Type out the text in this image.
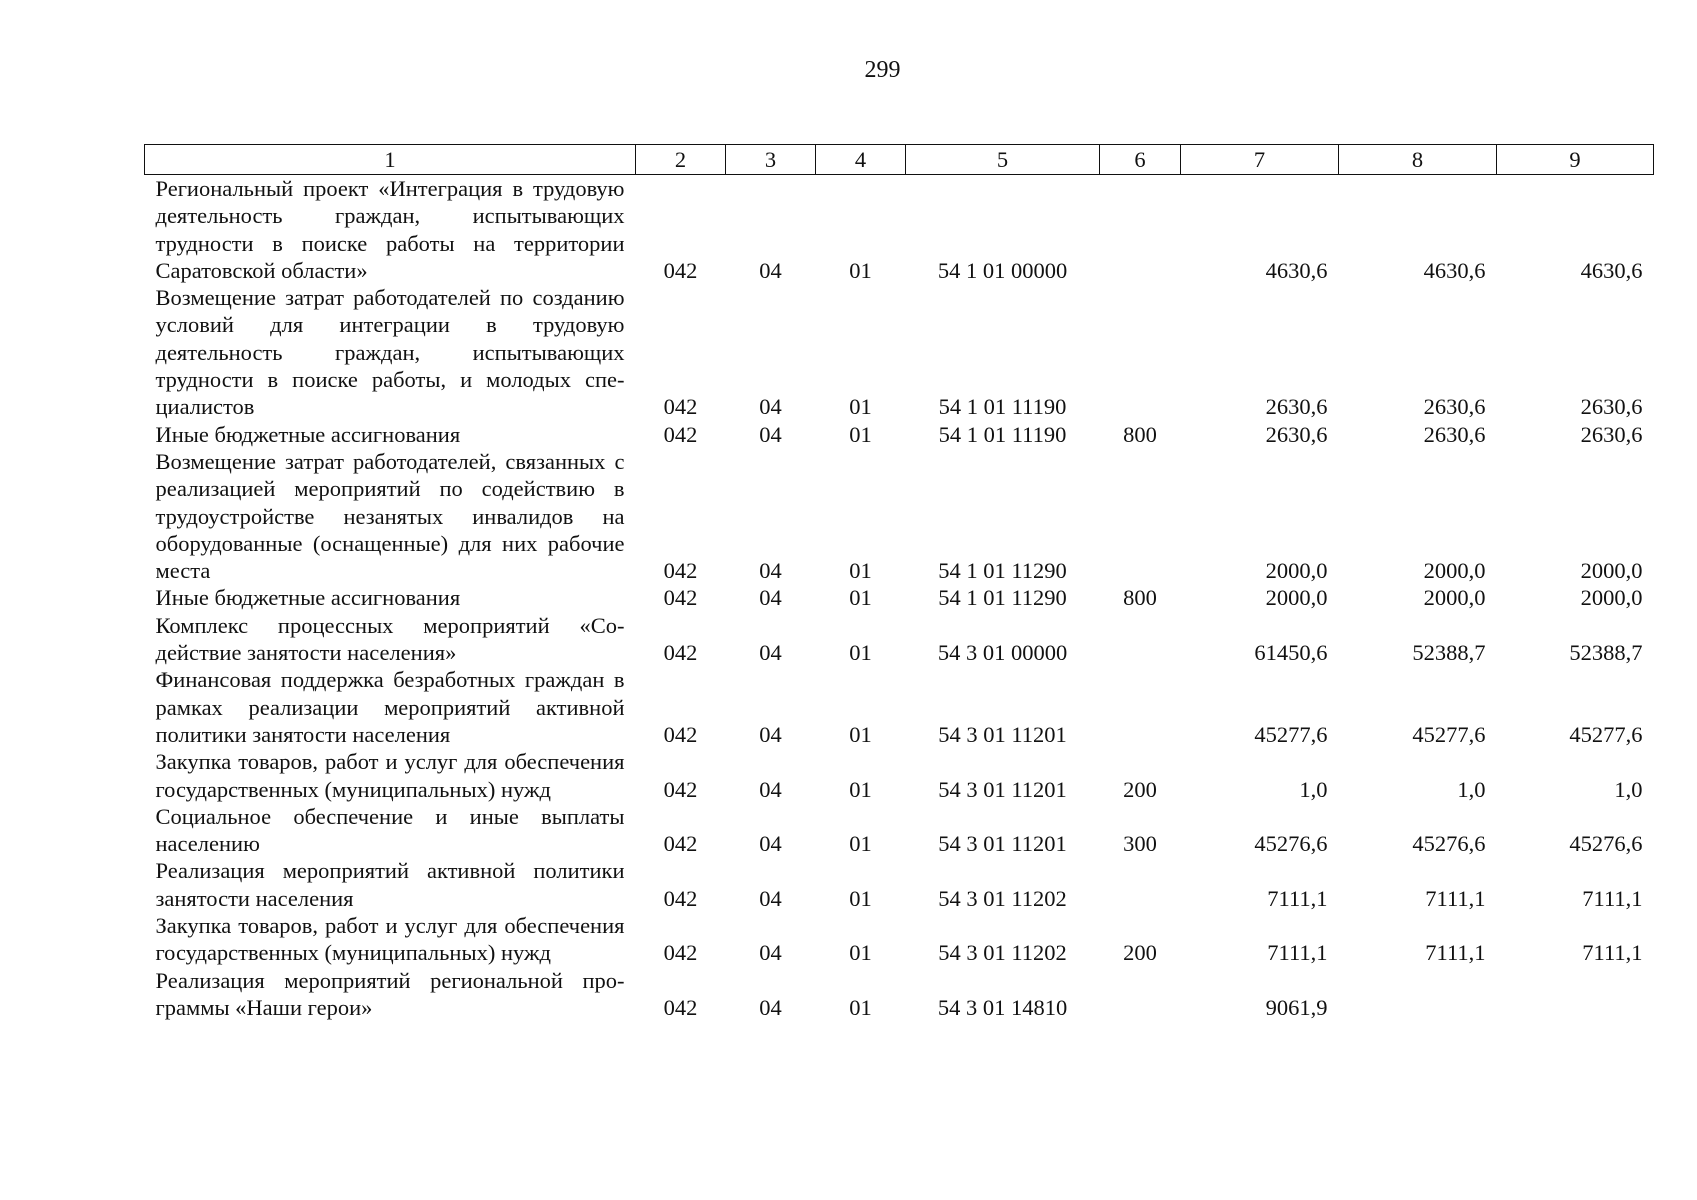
299
1	2	3	4	5	6	7	8	9
Региональный проект «Интеграция в трудовую деятельность граждан, испытывающих трудности в поиске работы на территории Саратовской области»	042	04	01	54 1 01 00000		4630,6	4630,6	4630,6
Возмещение затрат работодателей по созданию условий для интеграции в трудовую деятельность граждан, испытывающих трудности в поиске работы, и молодых специалистов	042	04	01	54 1 01 11190		2630,6	2630,6	2630,6
Иные бюджетные ассигнования	042	04	01	54 1 01 11190	800	2630,6	2630,6	2630,6
Возмещение затрат работодателей, связанных с реализацией мероприятий по содействию в трудоустройстве незанятых инвалидов на оборудованные (оснащенные) для них рабочие места	042	04	01	54 1 01 11290		2000,0	2000,0	2000,0
Иные бюджетные ассигнования	042	04	01	54 1 01 11290	800	2000,0	2000,0	2000,0
Комплекс процессных мероприятий «Содействие занятости населения»	042	04	01	54 3 01 00000		61450,6	52388,7	52388,7
Финансовая поддержка безработных граждан в рамках реализации мероприятий активной политики занятости населения	042	04	01	54 3 01 11201		45277,6	45277,6	45277,6
Закупка товаров, работ и услуг для обеспечения государственных (муниципальных) нужд	042	04	01	54 3 01 11201	200	1,0	1,0	1,0
Социальное обеспечение и иные выплаты населению	042	04	01	54 3 01 11201	300	45276,6	45276,6	45276,6
Реализация мероприятий активной политики занятости населения	042	04	01	54 3 01 11202		7111,1	7111,1	7111,1
Закупка товаров, работ и услуг для обеспечения государственных (муниципальных) нужд	042	04	01	54 3 01 11202	200	7111,1	7111,1	7111,1
Реализация мероприятий региональной программы «Наши герои»	042	04	01	54 3 01 14810		9061,9		
